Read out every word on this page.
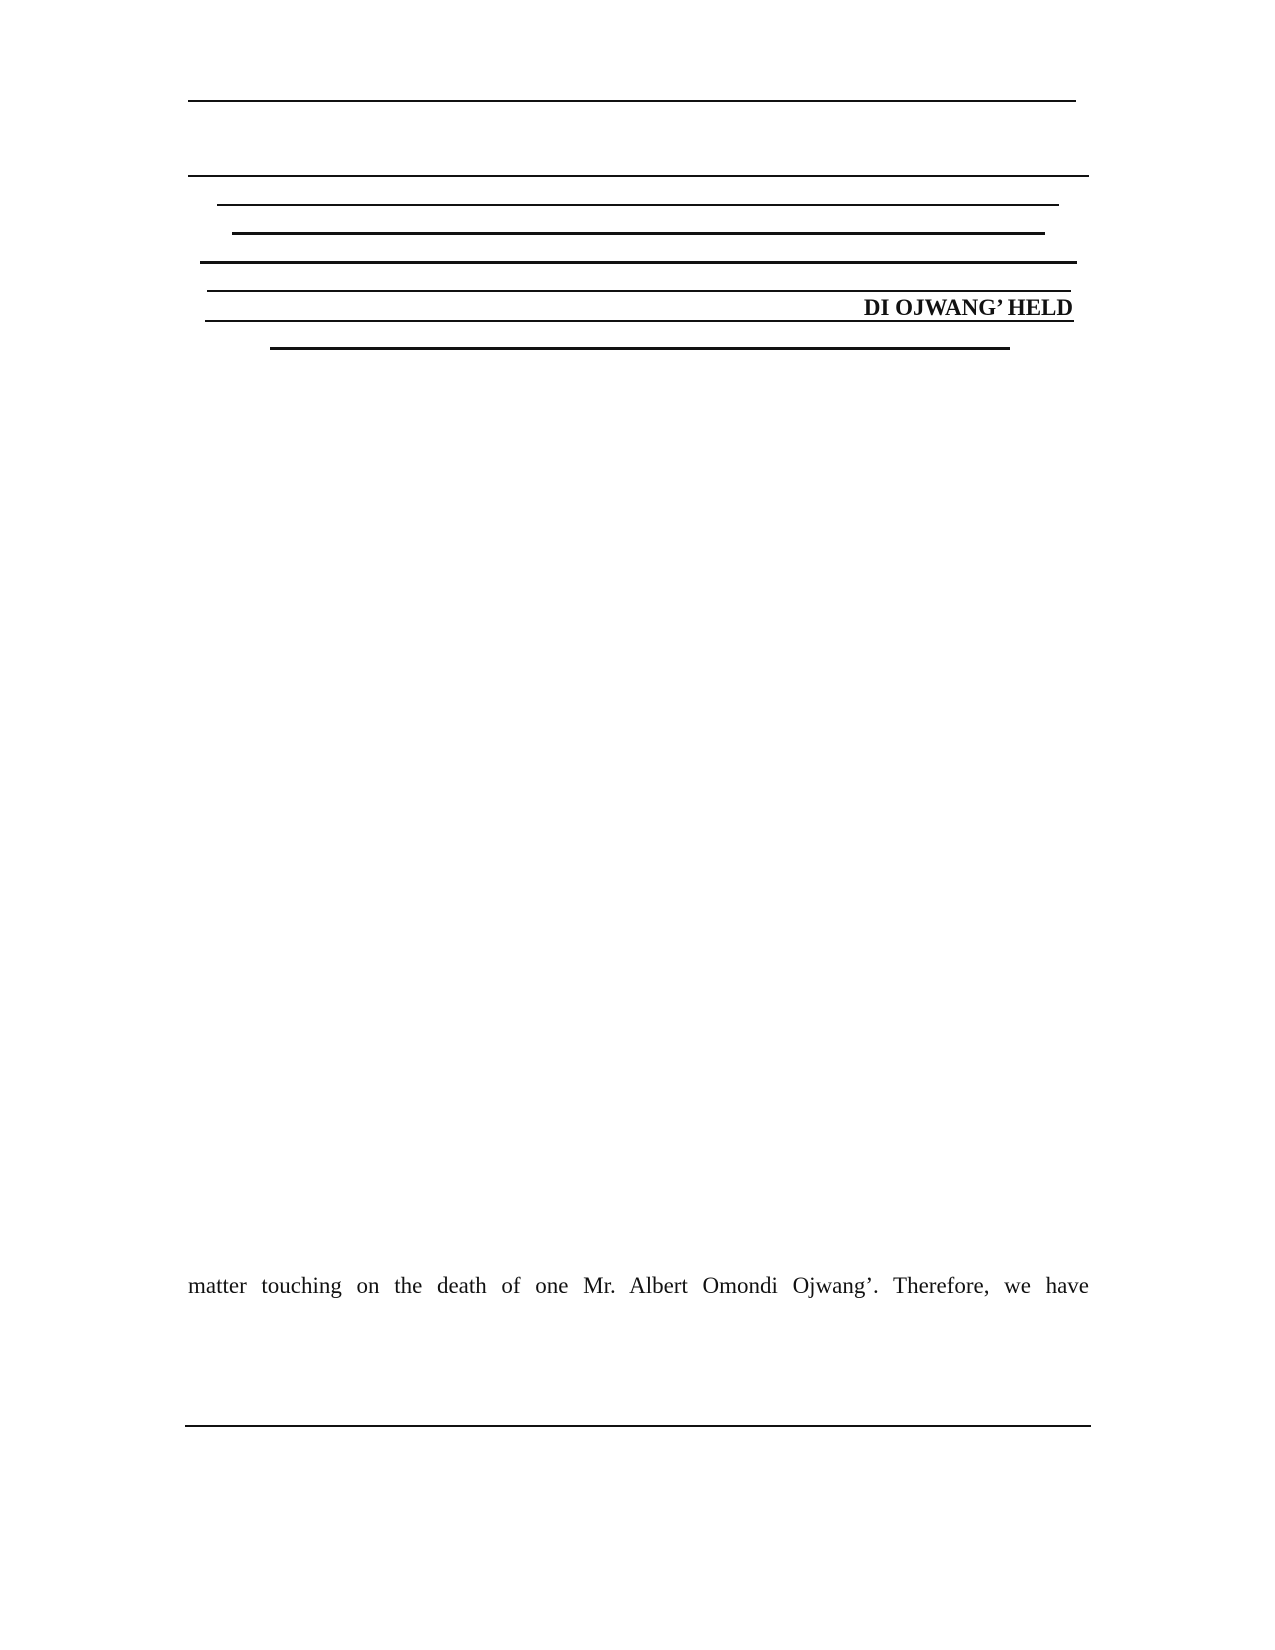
DI OJWANG’ HELD
matter touching on the death of one Mr. Albert Omondi Ojwang’. Therefore, we have
